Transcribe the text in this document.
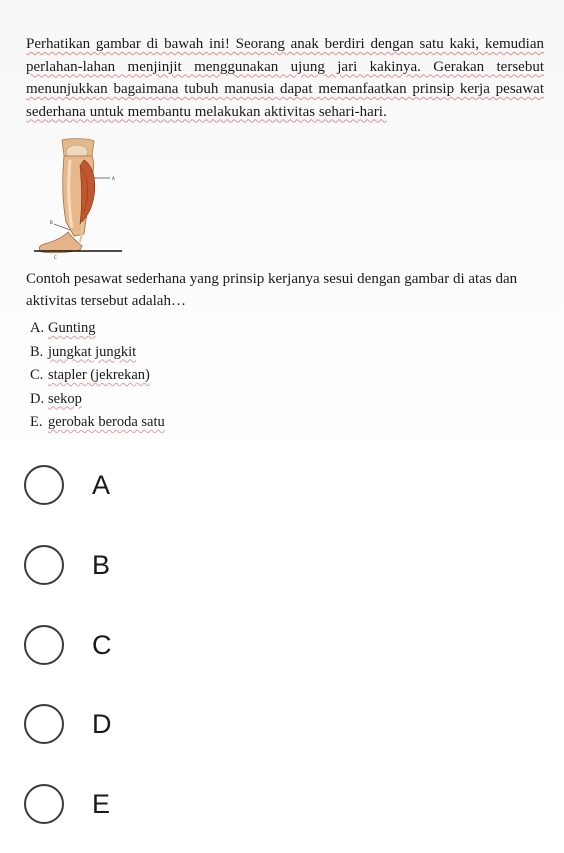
Perhatikan gambar di bawah ini! Seorang anak berdiri dengan satu kaki, kemudian perlahan-lahan menjinjit menggunakan ujung jari kakinya. Gerakan tersebut menunjukkan bagaimana tubuh manusia dapat memanfaatkan prinsip kerja pesawat sederhana untuk membantu melakukan aktivitas sehari-hari.

A
B
C

Contoh pesawat sederhana yang prinsip kerjanya sesui dengan gambar di atas dan aktivitas tersebut adalah…

A. Gunting
B. jungkat jungkit
C. stapler (jekrekan)
D. sekop
E. gerobak beroda satu
A
B
C
D
E
